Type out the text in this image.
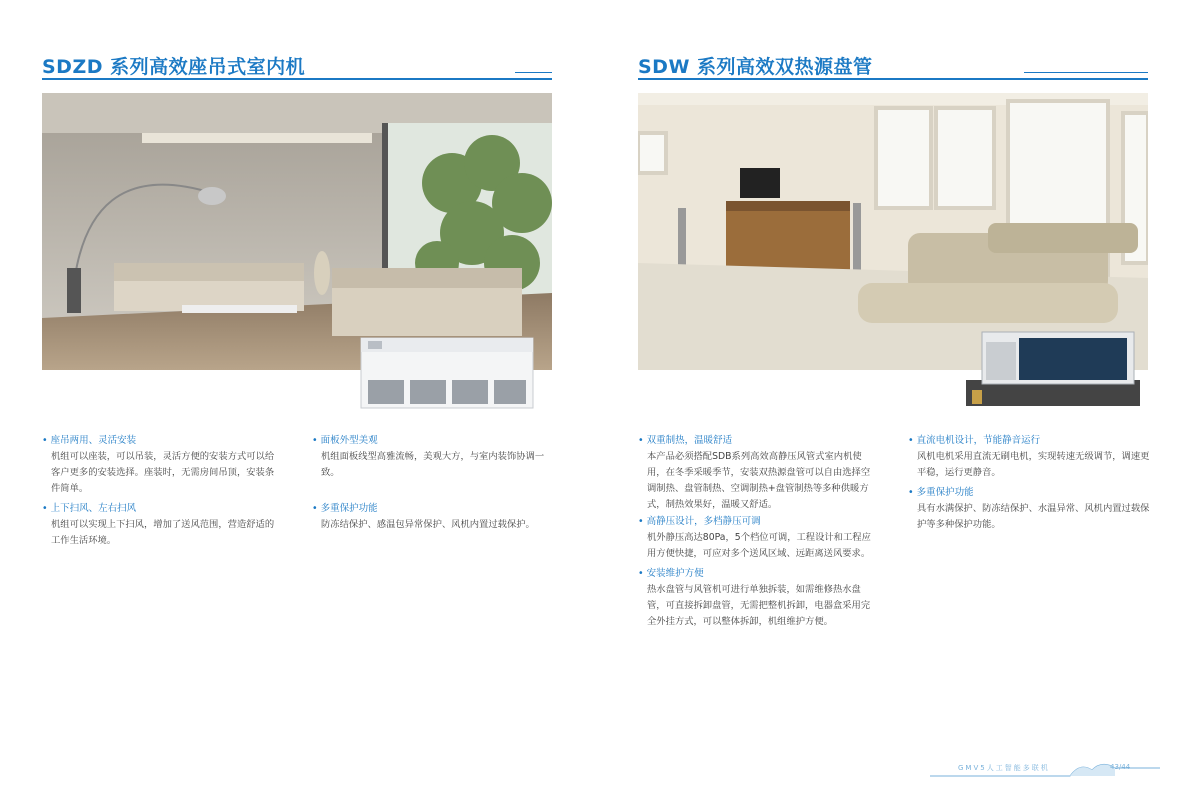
SDZD 系列高效座吊式室内机
• 座吊两用、灵活安装

机组可以座装，可以吊装，灵活方便的安装方式可以给

客户更多的安装选择。座装时，无需房间吊顶，安装条

件简单。

• 上下扫风、左右扫风

机组可以实现上下扫风，增加了送风范围，营造舒适的

工作生活环境。

• 面板外型美观

机组面板线型高雅流畅，美观大方，与室内装饰协调一

致。

• 多重保护功能

防冻结保护、感温包异常保护、风机内置过载保护。

SDW 系列高效双热源盘管
• 双重制热，温暖舒适

本产品必须搭配SDB系列高效高静压风管式室内机使

用，在冬季采暖季节，安装双热源盘管可以自由选择空

调制热、盘管制热、空调制热+盘管制热等多种供暖方

式，制热效果好，温暖又舒适。

• 高静压设计，多档静压可调

机外静压高达80Pa，5个档位可调，工程设计和工程应

用方便快捷，可应对多个送风区域、远距离送风要求。

• 安装维护方便

热水盘管与风管机可进行单独拆装，如需维修热水盘

管，可直接拆卸盘管，无需把整机拆卸，电器盒采用完

全外挂方式，可以整体拆卸，机组维护方便。

• 直流电机设计，节能静音运行

风机电机采用直流无刷电机，实现转速无级调节，调速更

平稳，运行更静音。

• 多重保护功能

具有水满保护、防冻结保护、水温异常、风机内置过载保

护等多种保护功能。

GMV5人工智能多联机	43/44
